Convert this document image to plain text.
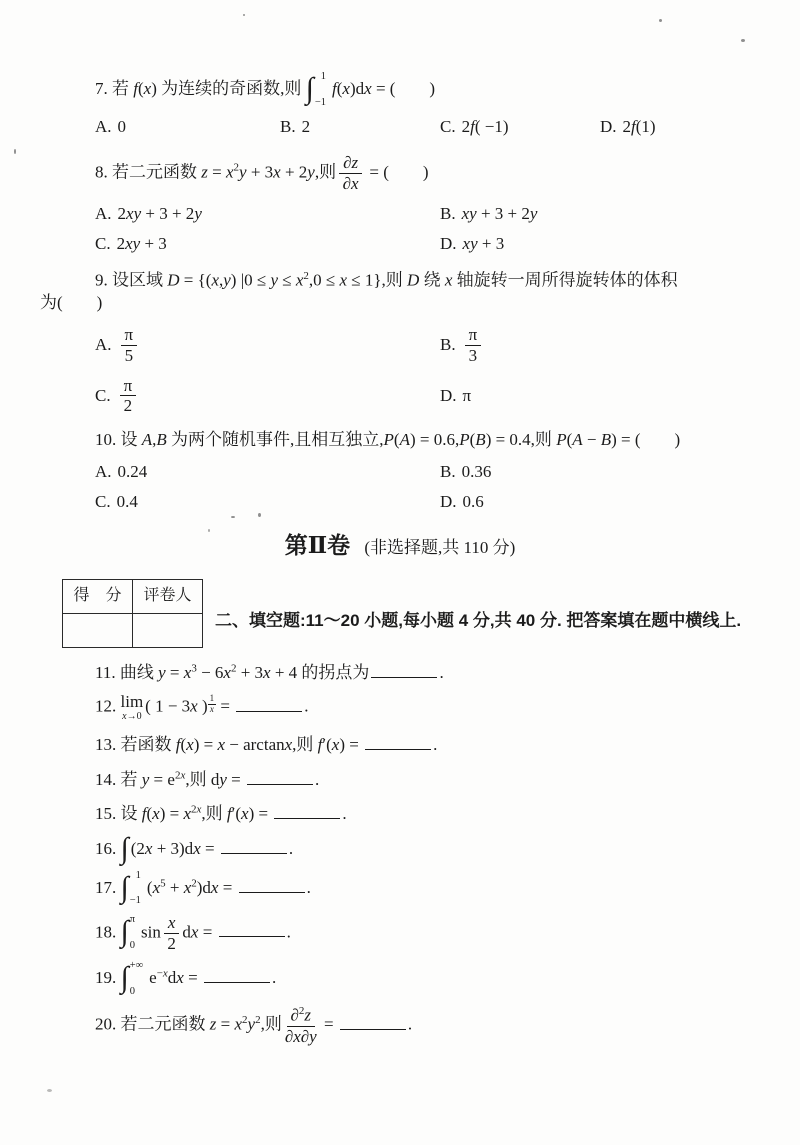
7. 若 f(x) 为连续的奇函数,则 ∫ 1
−1
f(x)dx = (　　)
A. 0	B. 2	C. 2f( −1)	D. 2f(1)
8. 若二元函数 $z = x^2y + 3x + 2y$,则 $\frac{\partial z}{\partial x}$ = (　　)
A. 2xy + 3 + 2y	B. xy + 3 + 2y
C. 2xy + 3	D. xy + 3
9. 设区域 D = {(x,y) $|0 \le y \le x^2,0 \le x \le 1$},则 D 绕 x 轴旋转一周所得旋转体的体积
为(　　)
A. $\frac{\pi}{5}$	B. $\frac{\pi}{3}$
C. $\frac{\pi}{2}$	D. π
10. 设 A,B 为两个随机事件,且相互独立,P(A) = 0.6,P(B) = 0.4,则 P(A − B) = (　　)
A. 0.24	B. 0.36
C. 0.4	D. 0.6
第Ⅱ卷 (非选择题,共 110 分)
得　分	评卷人

二、填空题:11～20 小题,每小题 4 分,共 40 分. 把答案填在题中横线上.
11. 曲线 $y = x^3 - 6x^2 + 3x + 4$ 的拐点为	.
12. lim
x→0
( 1 − 3x ) $\frac{1}{x}$ =	.
13. 若函数 f(x) = x − arctanx,则 f′(x) =	.
14. 若 $y = e^{2x}$,则 dy =	.
15. 设 $f(x) = x^{2x}$,则 f′(x) =	.
16. ∫ (2x + 3)dx =	.
17. ∫ 1
−1
$(x^5 + x^2)dx$ =	.
18. ∫ π
0
$\sin \frac{x}{2}$ dx =	.
19. ∫ +∞
0
$e^{-x}dx$ =	.
20. 若二元函数 $z = x^2y^2$,则 $\frac{\partial^2z}{\partial x\partial y}$ =	.
